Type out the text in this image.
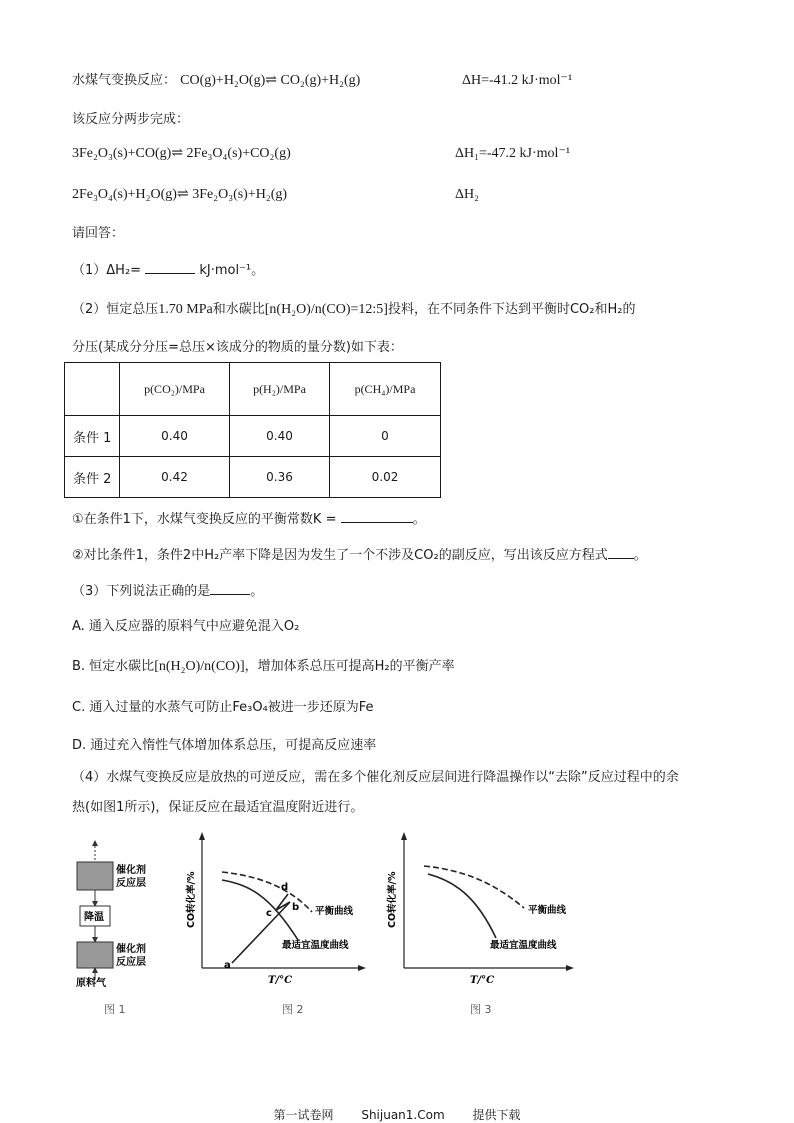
水煤气变换反应： CO(g)+H₂O(g)⇌ CO₂(g)+H₂(g)	ΔH=-41.2 kJ·mol⁻¹
该反应分两步完成：
3Fe₂O₃(s)+CO(g)⇌ 2Fe₃O₄(s)+CO₂(g)	ΔH₁=-47.2 kJ·mol⁻¹
2Fe₃O₄(s)+H₂O(g)⇌ 3Fe₂O₃(s)+H₂(g)	ΔH₂
请回答：
（1）ΔH₂=	kJ·mol⁻¹。
（2）恒定总压1.70 MPa和水碳比[n(H₂O)/n(CO)=12:5]投料，在不同条件下达到平衡时CO₂和H₂的
分压(某成分分压=总压×该成分的物质的量分数)如下表：
	p(CO₂)/MPa	p(H₂)/MPa	p(CH₄)/MPa
条件 1	0.40	0.40	0
条件 2	0.42	0.36	0.02
①在条件1下，水煤气变换反应的平衡常数K =	。
②对比条件1，条件2中H₂产率下降是因为发生了一个不涉及CO₂的副反应，写出该反应方程式 。
（3）下列说法正确的是	。
A. 通入反应器的原料气中应避免混入O₂
B. 恒定水碳比[n(H₂O)/n(CO)]，增加体系总压可提高H₂的平衡产率
C. 通入过量的水蒸气可防止Fe₃O₄被进一步还原为Fe
D. 通过充入惰性气体增加体系总压，可提高反应速率
（4）水煤气变换反应是放热的可逆反应，需在多个催化剂反应层间进行降温操作以“去除”反应过程中的余
热(如图1所示)，保证反应在最适宜温度附近进行。
催化剂
反应层
降温
催化剂
反应层
原料气
图 1
a
b
c
d
平衡曲线
最适宜温度曲线
CO转化率/%
T/°C
图 2
平衡曲线
最适宜温度曲线
CO转化率/%
T/°C
图 3
第一试卷网 Shijuan1.Com 提供下载
